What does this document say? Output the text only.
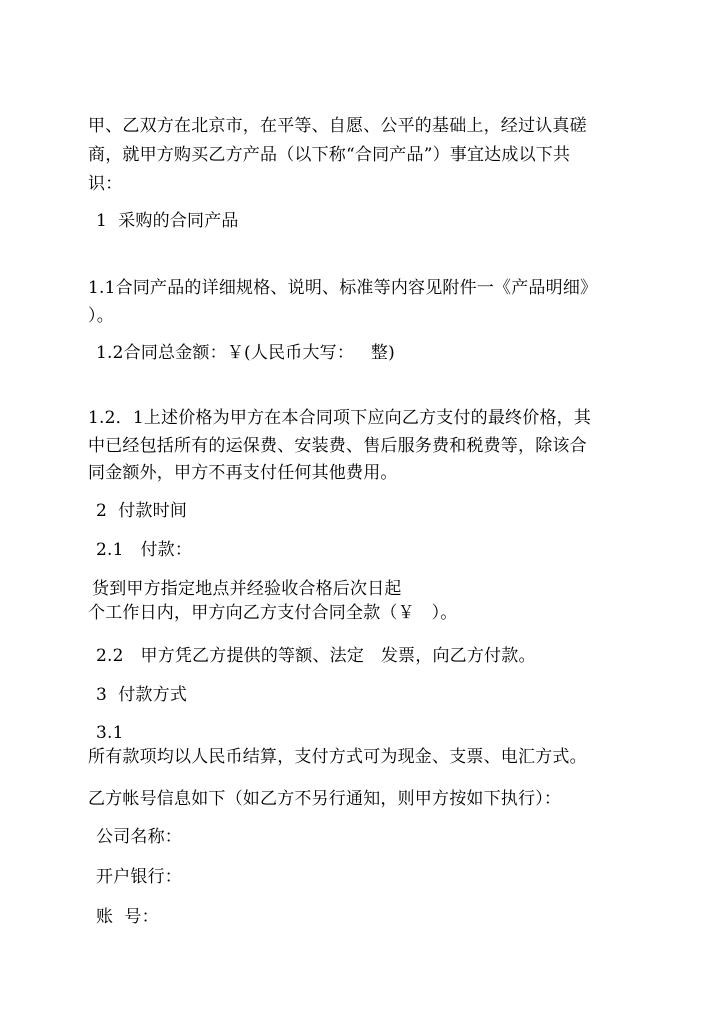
甲、乙双方在北京市，在平等、自愿、公平的基础上，经过认真磋
商，就甲方购买乙方产品（以下称“合同产品”）事宜达成以下共
识：
1  采购的合同产品
1.1合同产品的详细规格、说明、标准等内容见附件一《产品明细》
）。
1.2合同总金额：￥(人民币大写：   整)
1.2．1上述价格为甲方在本合同项下应向乙方支付的最终价格，其
中已经包括所有的运保费、安装费、售后服务费和税费等，除该合
同金额外，甲方不再支付任何其他费用。
2  付款时间
2.1   付款：
货到甲方指定地点并经验收合格后次日起
个工作日内，甲方向乙方支付合同全款（￥   ）。
2.2   甲方凭乙方提供的等额、法定   发票，向乙方付款。
3  付款方式
3.1
所有款项均以人民币结算，支付方式可为现金、支票、电汇方式。
乙方帐号信息如下（如乙方不另行通知，则甲方按如下执行）：
公司名称：
开户银行：
账  号：
